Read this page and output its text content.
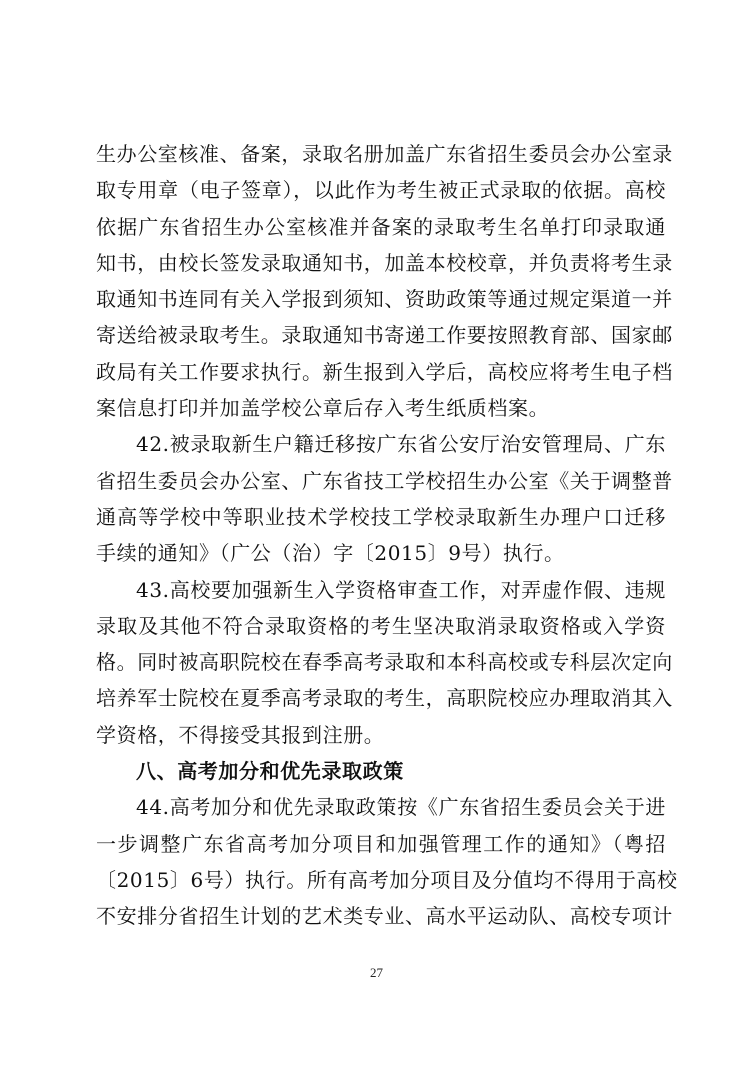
生办公室核准、备案，录取名册加盖广东省招生委员会办公室录
取专用章（电子签章），以此作为考生被正式录取的依据。高校
依据广东省招生办公室核准并备案的录取考生名单打印录取通
知书，由校长签发录取通知书，加盖本校校章，并负责将考生录
取通知书连同有关入学报到须知、资助政策等通过规定渠道一并
寄送给被录取考生。录取通知书寄递工作要按照教育部、国家邮
政局有关工作要求执行。新生报到入学后，高校应将考生电子档
案信息打印并加盖学校公章后存入考生纸质档案。
42.被录取新生户籍迁移按广东省公安厅治安管理局、广东
省招生委员会办公室、广东省技工学校招生办公室《关于调整普
通高等学校中等职业技术学校技工学校录取新生办理户口迁移
手续的通知》（广公（治）字〔2015〕9号）执行。
43.高校要加强新生入学资格审查工作，对弄虚作假、违规
录取及其他不符合录取资格的考生坚决取消录取资格或入学资
格。同时被高职院校在春季高考录取和本科高校或专科层次定向
培养军士院校在夏季高考录取的考生，高职院校应办理取消其入
学资格，不得接受其报到注册。
八、高考加分和优先录取政策
44.高考加分和优先录取政策按《广东省招生委员会关于进
一步调整广东省高考加分项目和加强管理工作的通知》（粤招
〔2015〕6号）执行。所有高考加分项目及分值均不得用于高校
不安排分省招生计划的艺术类专业、高水平运动队、高校专项计
27
